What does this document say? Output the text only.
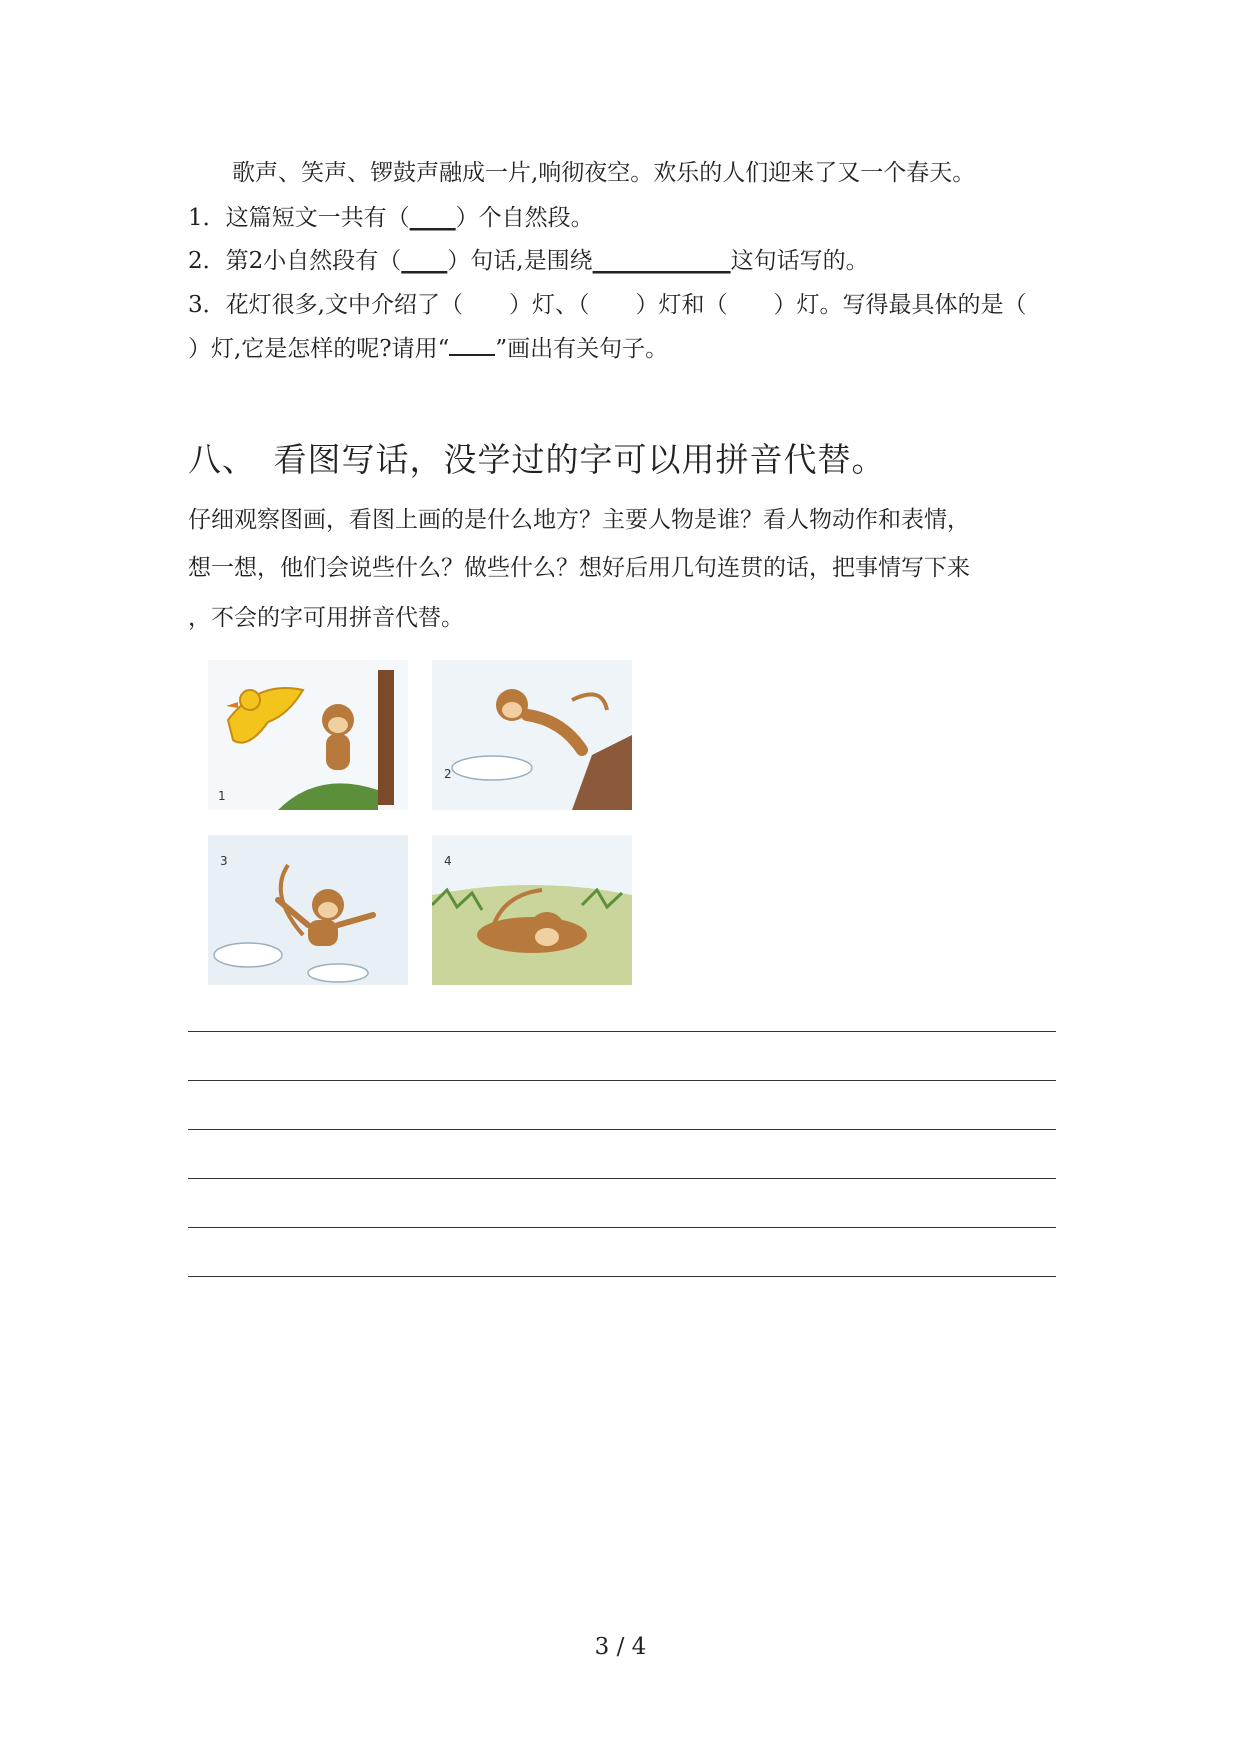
歌声、笑声、锣鼓声融成一片,响彻夜空。欢乐的人们迎来了又一个春天。
1．这篇短文一共有（____）个自然段。
2．第2小自然段有（____）句话,是围绕____________这句话写的。
3．花灯很多,文中介绍了（　　）灯、（　　）灯和（　　）灯。写得最具体的是（
）灯,它是怎样的呢?请用“ ”画出有关句子。
八、　看图写话，没学过的字可以用拼音代替。
仔细观察图画，看图上画的是什么地方？主要人物是谁？看人物动作和表情，
想一想，他们会说些什么？做些什么？想好后用几句连贯的话，把事情写下来
，不会的字可用拼音代替。
1
2
3	4
3 / 4
